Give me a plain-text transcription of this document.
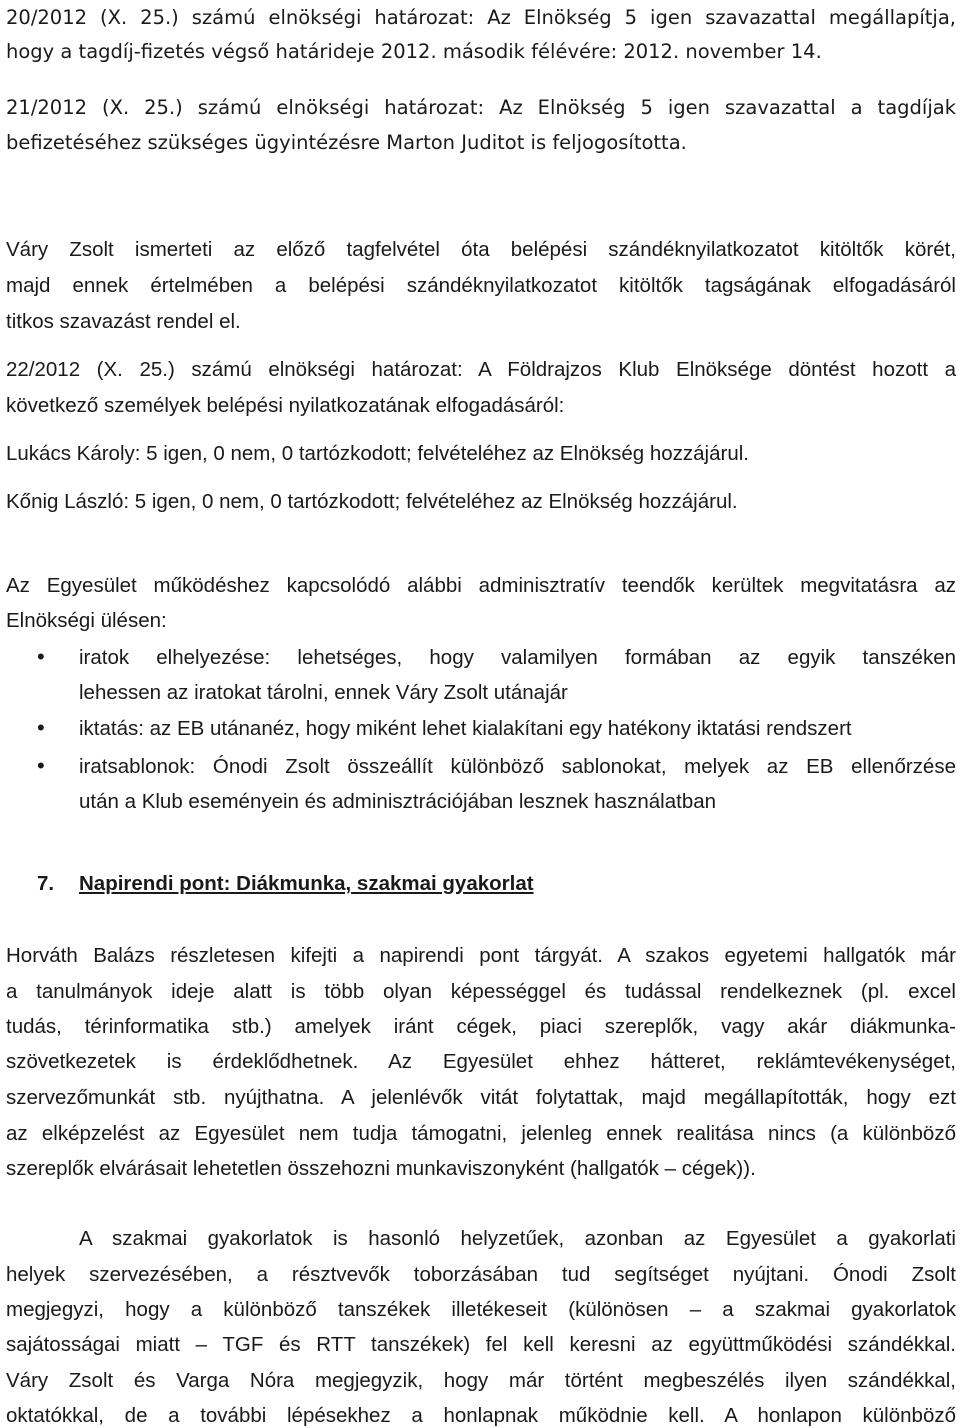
20/2012 (X. 25.) számú elnökségi határozat: Az Elnökség 5 igen szavazattal megállapítja,
hogy a tagdíj-fizetés végső határideje 2012. második félévére: 2012. november 14.
21/2012 (X. 25.) számú elnökségi határozat: Az Elnökség 5 igen szavazattal a tagdíjak
befizetéséhez szükséges ügyintézésre Marton Juditot is feljogosította.
Váry Zsolt ismerteti az előző tagfelvétel óta belépési szándéknyilatkozatot kitöltők körét,
majd ennek értelmében a belépési szándéknyilatkozatot kitöltők tagságának elfogadásáról
titkos szavazást rendel el.
22/2012 (X. 25.) számú elnökségi határozat: A Földrajzos Klub Elnöksége döntést hozott a
következő személyek belépési nyilatkozatának elfogadásáról:
Lukács Károly: 5 igen, 0 nem, 0 tartózkodott; felvételéhez az Elnökség hozzájárul.
Kőnig László: 5 igen, 0 nem, 0 tartózkodott; felvételéhez az Elnökség hozzájárul.
Az Egyesület működéshez kapcsolódó alábbi adminisztratív teendők kerültek megvitatásra az
Elnökségi ülésen:
• iratok elhelyezése: lehetséges, hogy valamilyen formában az egyik tanszéken
lehessen az iratokat tárolni, ennek Váry Zsolt utánajár
• iktatás: az EB utánanéz, hogy miként lehet kialakítani egy hatékony iktatási rendszert
• iratsablonok: Ónodi Zsolt összeállít különböző sablonokat, melyek az EB ellenőrzése
után a Klub eseményein és adminisztrációjában lesznek használatban
7. Napirendi pont: Diákmunka, szakmai gyakorlat
Horváth Balázs részletesen kifejti a napirendi pont tárgyát. A szakos egyetemi hallgatók már
a tanulmányok ideje alatt is több olyan képességgel és tudással rendelkeznek (pl. excel
tudás, térinformatika stb.) amelyek iránt cégek, piaci szereplők, vagy akár diákmunka-
szövetkezetek is érdeklődhetnek. Az Egyesület ehhez hátteret, reklámtevékenységet,
szervezőmunkát stb. nyújthatna. A jelenlévők vitát folytattak, majd megállapították, hogy ezt
az elképzelést az Egyesület nem tudja támogatni, jelenleg ennek realitása nincs (a különböző
szereplők elvárásait lehetetlen összehozni munkaviszonyként (hallgatók – cégek)).
A szakmai gyakorlatok is hasonló helyzetűek, azonban az Egyesület a gyakorlati
helyek szervezésében, a résztvevők toborzásában tud segítséget nyújtani. Ónodi Zsolt
megjegyzi, hogy a különböző tanszékek illetékeseit (különösen – a szakmai gyakorlatok
sajátosságai miatt – TGF és RTT tanszékek) fel kell keresni az együttműködési szándékkal.
Váry Zsolt és Varga Nóra megjegyzik, hogy már történt megbeszélés ilyen szándékkal,
oktatókkal, de a további lépésekhez a honlapnak működnie kell. A honlapon különböző
